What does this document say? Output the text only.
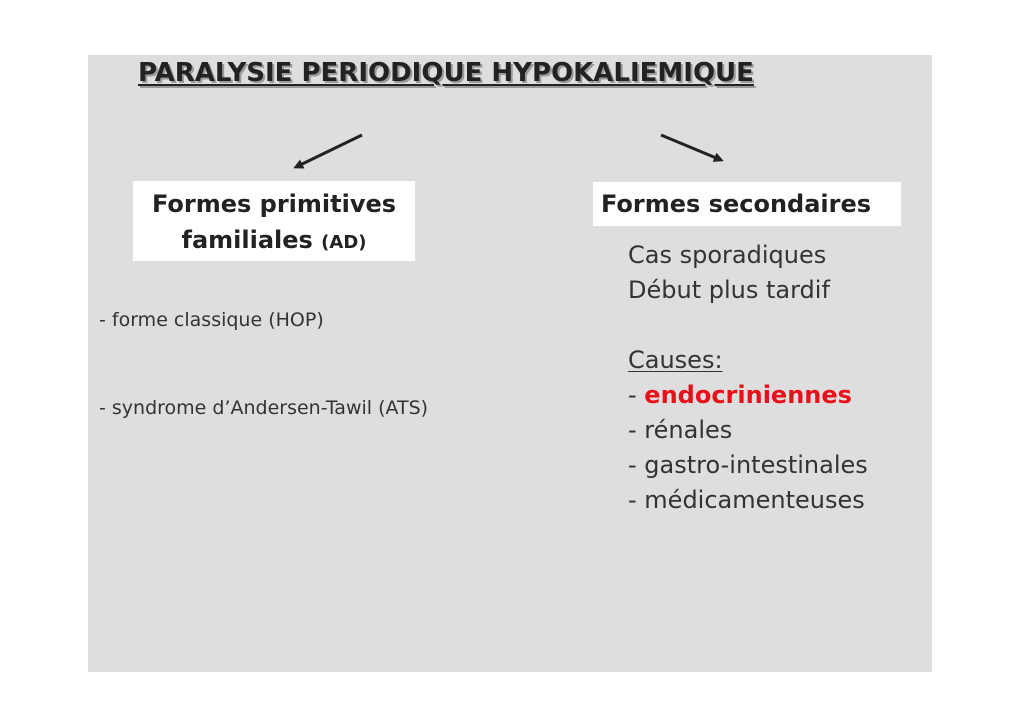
PARALYSIE PERIODIQUE HYPOKALIEMIQUE
Formes primitives
familiales (AD)
Formes secondaires
- forme classique (HOP)
- syndrome d’Andersen-Tawil (ATS)
Cas sporadiques
Début plus tardif
Causes:
- endocriniennes
- rénales
- gastro-intestinales
- médicamenteuses
